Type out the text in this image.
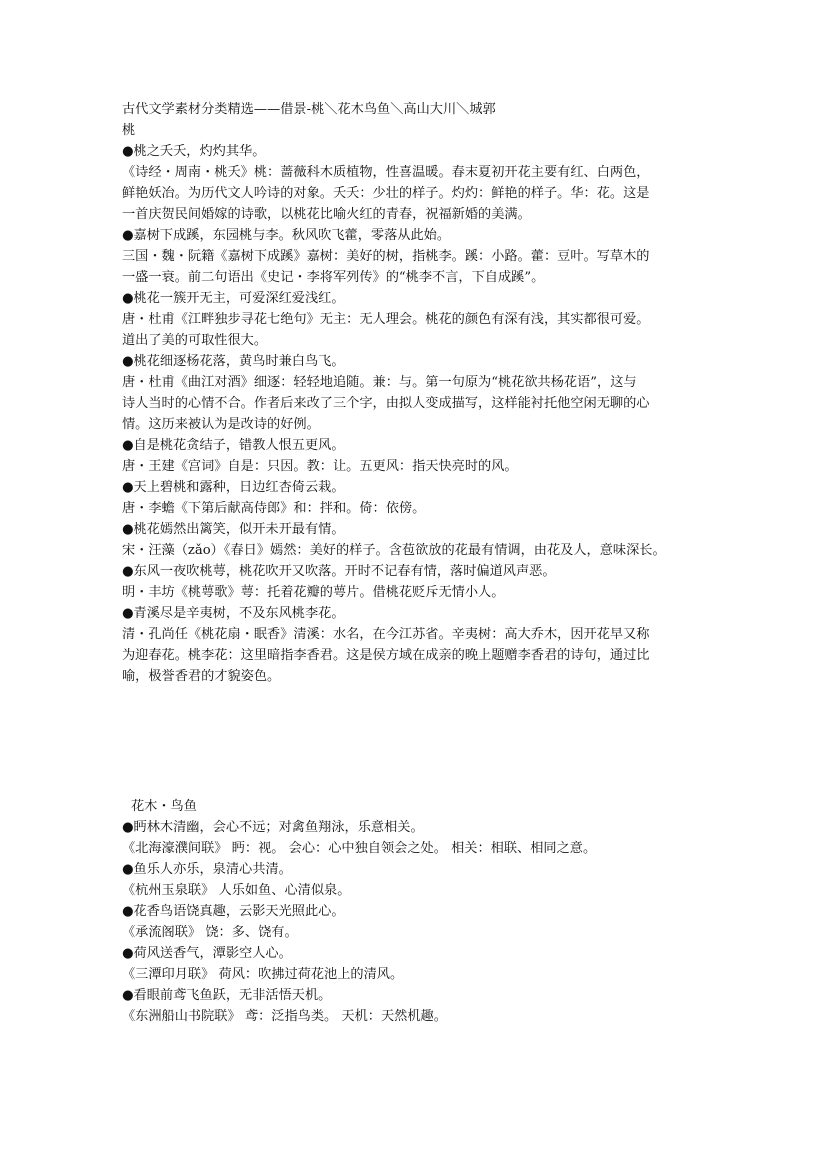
古代文学素材分类精选——借景-桃＼花木鸟鱼＼高山大川＼城郭
桃
●桃之夭夭，灼灼其华。
《诗经・周南・桃夭》桃：蔷薇科木质植物，性喜温暖。春末夏初开花主要有红、白两色，
鲜艳妖冶。为历代文人吟诗的对象。夭夭：少壮的样子。灼灼：鲜艳的样子。华：花。这是
一首庆贺民间婚嫁的诗歌，以桃花比喻火红的青春，祝福新婚的美满。
●嘉树下成蹊，东园桃与李。秋风吹飞藿，零落从此始。
三国・魏・阮籍《嘉树下成蹊》嘉树：美好的树，指桃李。蹊：小路。藿：豆叶。写草木的
一盛一衰。前二句语出《史记・李将军列传》的“桃李不言，下自成蹊”。
●桃花一簇开无主，可爱深红爱浅红。
唐・杜甫《江畔独步寻花七绝句》无主：无人理会。桃花的颜色有深有浅，其实都很可爱。
道出了美的可取性很大。
●桃花细逐杨花落，黄鸟时兼白鸟飞。
唐・杜甫《曲江对酒》细逐：轻轻地追随。兼：与。第一句原为“桃花欲共杨花语”，这与
诗人当时的心情不合。作者后来改了三个字，由拟人变成描写，这样能衬托他空闲无聊的心
情。这历来被认为是改诗的好例。
●自是桃花贪结子，错教人恨五更风。
唐・王建《宫词》自是：只因。教：让。五更风：指天快亮时的风。
●天上碧桃和露种，日边红杏倚云栽。
唐・李蟾《下第后献高侍郎》和：拌和。倚：依傍。
●桃花嫣然出篱笑，似开未开最有情。
宋・汪藻（zǎo）《春日》嫣然：美好的样子。含苞欲放的花最有情调，由花及人，意味深长。
●东风一夜吹桃萼，桃花吹开又吹落。开时不记春有情，落时偏道风声恶。
明・丰坊《桃萼歌》萼：托着花瓣的萼片。借桃花贬斥无情小人。
●青溪尽是辛夷树，不及东风桃李花。
清・孔尚任《桃花扇・眠香》清溪：水名，在今江苏省。辛夷树：高大乔木，因开花早又称
为迎春花。桃李花：这里暗指李香君。这是侯方域在成亲的晚上题赠李香君的诗句，通过比
喻，极誉香君的才貌姿色。
花木・鸟鱼
●眄林木清幽，会心不远；对禽鱼翔泳，乐意相关。
《北海濠濮间联》 眄：视。 会心：心中独自领会之处。 相关：相联、相同之意。
●鱼乐人亦乐，泉清心共清。
《杭州玉泉联》 人乐如鱼、心清似泉。
●花香鸟语饶真趣，云影天光照此心。
《承流阁联》 饶：多、饶有。
●荷风送香气，潭影空人心。
《三潭印月联》 荷风：吹拂过荷花池上的清风。
●看眼前鸢飞鱼跃，无非活悟天机。
《东洲船山书院联》 鸢：泛指鸟类。 天机：天然机趣。
